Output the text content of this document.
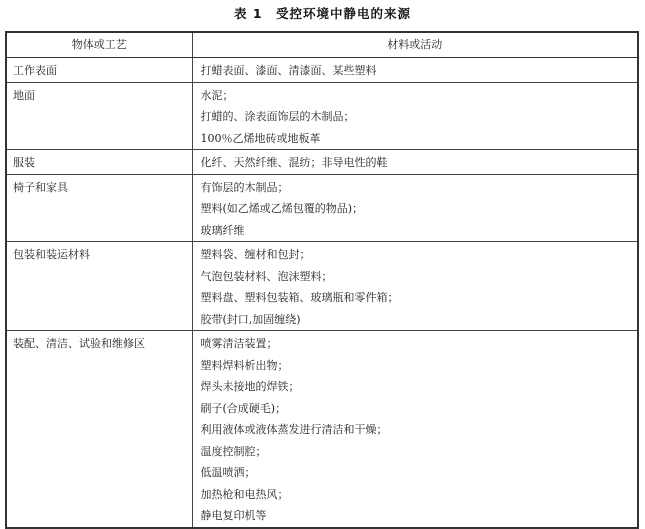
表 1　受控环境中静电的来源
物体或工艺	材料或活动
工作表面	打蜡表面、漆面、清漆面、某些塑料

地面	水泥；
打蜡的、涂表面饰层的木制品；
100％乙烯地砖或地板革

服装	化纤、天然纤维、混纺；非导电性的鞋

椅子和家具	有饰层的木制品；
塑料(如乙烯或乙烯包覆的物品)；
玻璃纤维

包装和装运材料	塑料袋、缠材和包封；
气泡包装材料、泡沫塑料；
塑料盘、塑料包装箱、玻璃瓶和零件箱；
胶带(封口,加固缠绕)

装配、清洁、试验和维修区	喷雾清洁装置；
塑料焊料析出物；
焊头未接地的焊铁；
刷子(合成硬毛)；
利用液体或液体蒸发进行清洁和干燥；
温度控制腔；
低温喷洒；
加热枪和电热风；
静电复印机等
